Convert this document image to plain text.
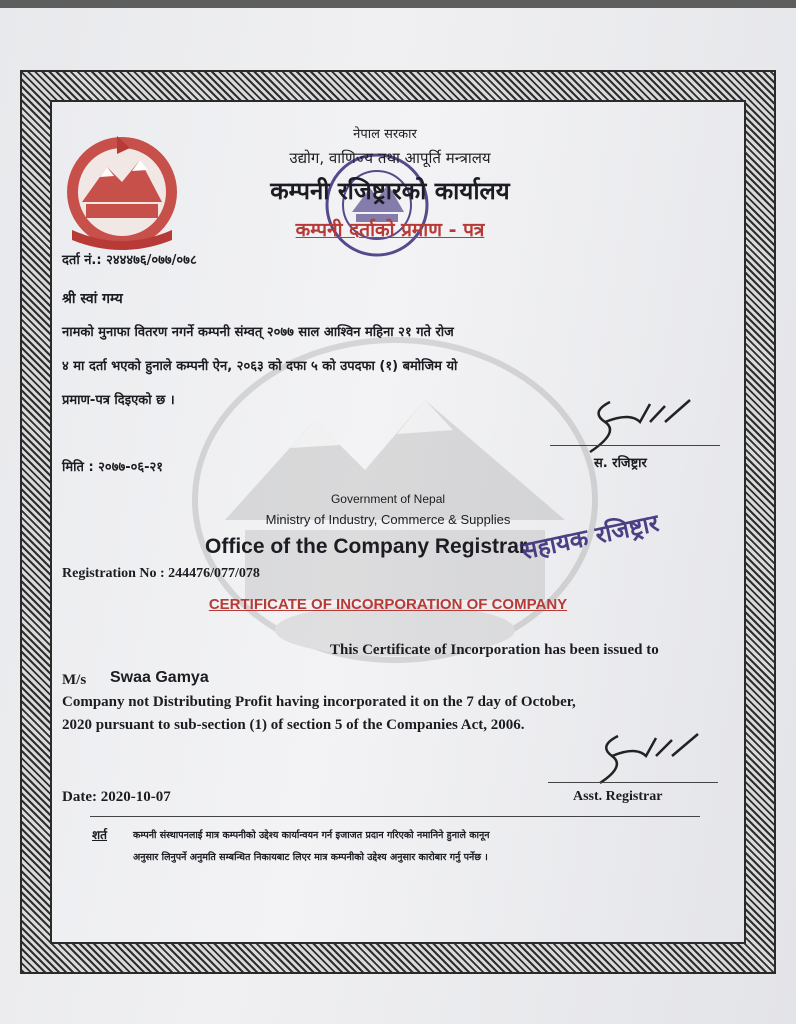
नेपाल सरकार
उद्योग, वाणिज्य तथा आपूर्ति मन्त्रालय
कम्पनी रजिष्ट्रारको कार्यालय
कम्पनी दर्ताको प्रमाण - पत्र
दर्ता नं.: २४४४७६/०७७/०७८
श्री स्वां गम्य
नामको मुनाफा वितरण नगर्ने कम्पनी संम्वत् २०७७ साल आश्विन महिना २१ गते रोज
४ मा दर्ता भएको हुनाले कम्पनी ऐन, २०६३ को दफा ५ को उपदफा (१) बमोजिम यो
प्रमाण-पत्र दिइएको छ ।
स. रजिष्ट्रार
मिति : २०७७-०६-२१
Government of Nepal
Ministry of Industry, Commerce & Supplies
Office of the Company Registrar
सहायक रजिष्ट्रार
Registration No : 244476/077/078
CERTIFICATE OF INCORPORATION OF COMPANY
This Certificate of Incorporation has been issued to
M/s Swaa Gamya
Company not Distributing Profit having incorporated it on the 7 day of October,
2020 pursuant to sub-section (1) of section 5 of the Companies Act, 2006.
Asst. Registrar
Date: 2020-10-07
शर्त	कम्पनी संस्थापनलाई मात्र कम्पनीको उद्देश्य कार्यान्वयन गर्न इजाजत प्रदान गरिएको नमानिने हुनाले कानून
अनुसार लिनुपर्ने अनुमति सम्बन्धित निकायबाट लिएर मात्र कम्पनीको उद्देश्य अनुसार कारोबार गर्नु पर्नेछ ।
